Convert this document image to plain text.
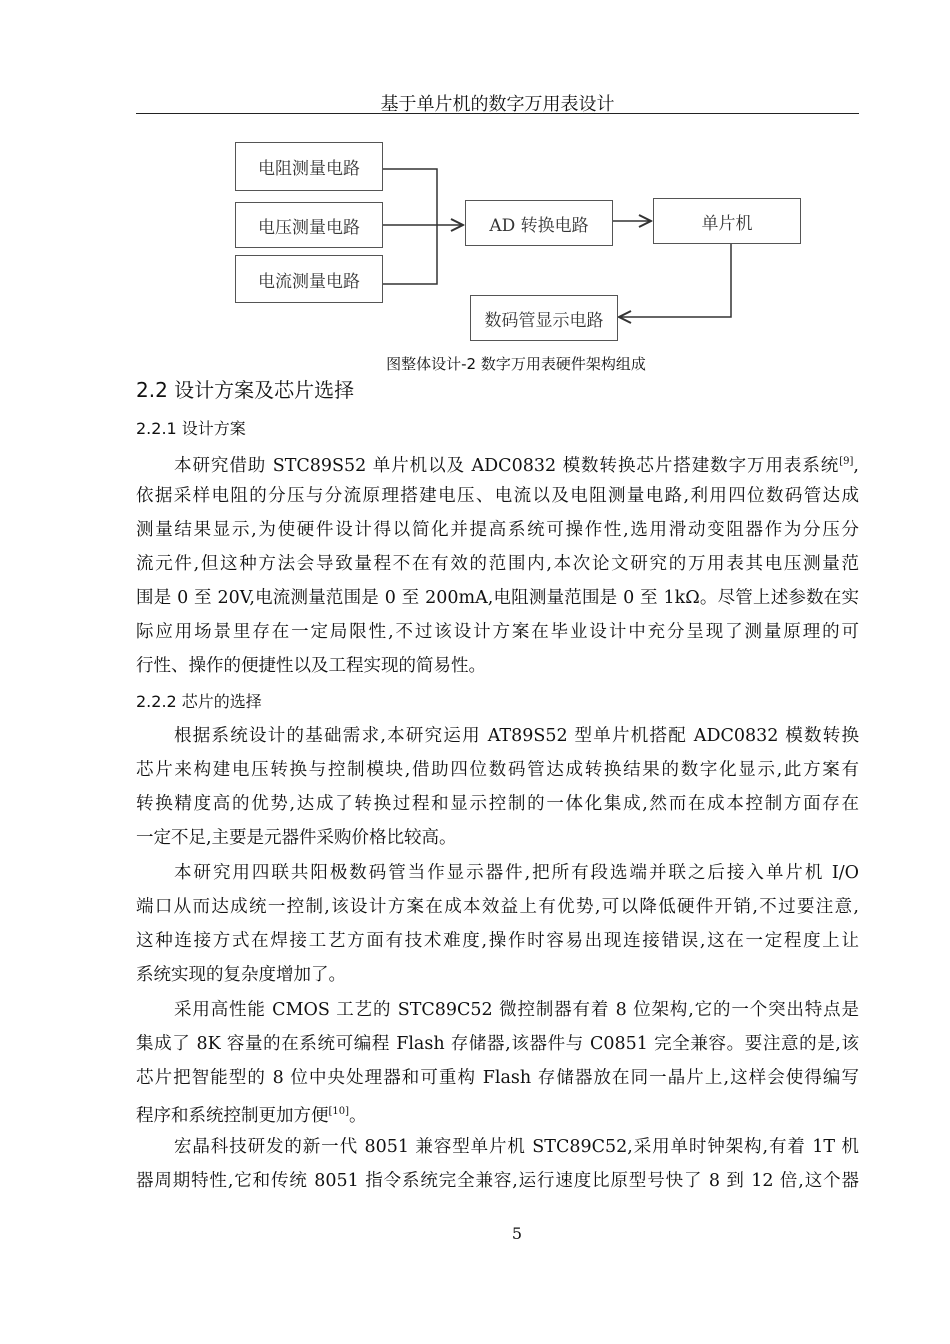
基于单片机的数字万用表设计
电阻测量电路
电压测量电路
电流测量电路
AD 转换电路	单片机
数码管显示电路
图整体设计-2 数字万用表硬件架构组成
2.2 设计方案及芯片选择
2.2.1 设计方案
本研究借助 STC89S52 单片机以及 ADC0832 模数转换芯片搭建数字万用表系统[9],
依据采样电阻的分压与分流原理搭建电压、电流以及电阻测量电路,利用四位数码管达成
测量结果显示,为使硬件设计得以简化并提高系统可操作性,选用滑动变阻器作为分压分
流元件,但这种方法会导致量程不在有效的范围内,本次论文研究的万用表其电压测量范
围是 0 至 20V,电流测量范围是 0 至 200mA,电阻测量范围是 0 至 1kΩ。尽管上述参数在实
际应用场景里存在一定局限性,不过该设计方案在毕业设计中充分呈现了测量原理的可
行性、操作的便捷性以及工程实现的简易性。
2.2.2 芯片的选择
根据系统设计的基础需求,本研究运用 AT89S52 型单片机搭配 ADC0832 模数转换
芯片来构建电压转换与控制模块,借助四位数码管达成转换结果的数字化显示,此方案有
转换精度高的优势,达成了转换过程和显示控制的一体化集成,然而在成本控制方面存在
一定不足,主要是元器件采购价格比较高。
本研究用四联共阳极数码管当作显示器件,把所有段选端并联之后接入单片机 I/O
端口从而达成统一控制,该设计方案在成本效益上有优势,可以降低硬件开销,不过要注意,
这种连接方式在焊接工艺方面有技术难度,操作时容易出现连接错误,这在一定程度上让
系统实现的复杂度增加了。
采用高性能 CMOS 工艺的 STC89C52 微控制器有着 8 位架构,它的一个突出特点是
集成了 8K 容量的在系统可编程 Flash 存储器,该器件与 C0851 完全兼容。要注意的是,该
芯片把智能型的 8 位中央处理器和可重构 Flash 存储器放在同一晶片上,这样会使得编写
程序和系统控制更加方便[10]。
宏晶科技研发的新一代 8051 兼容型单片机 STC89C52,采用单时钟架构,有着 1T 机
器周期特性,它和传统 8051 指令系统完全兼容,运行速度比原型号快了 8 到 12 倍,这个器
5
